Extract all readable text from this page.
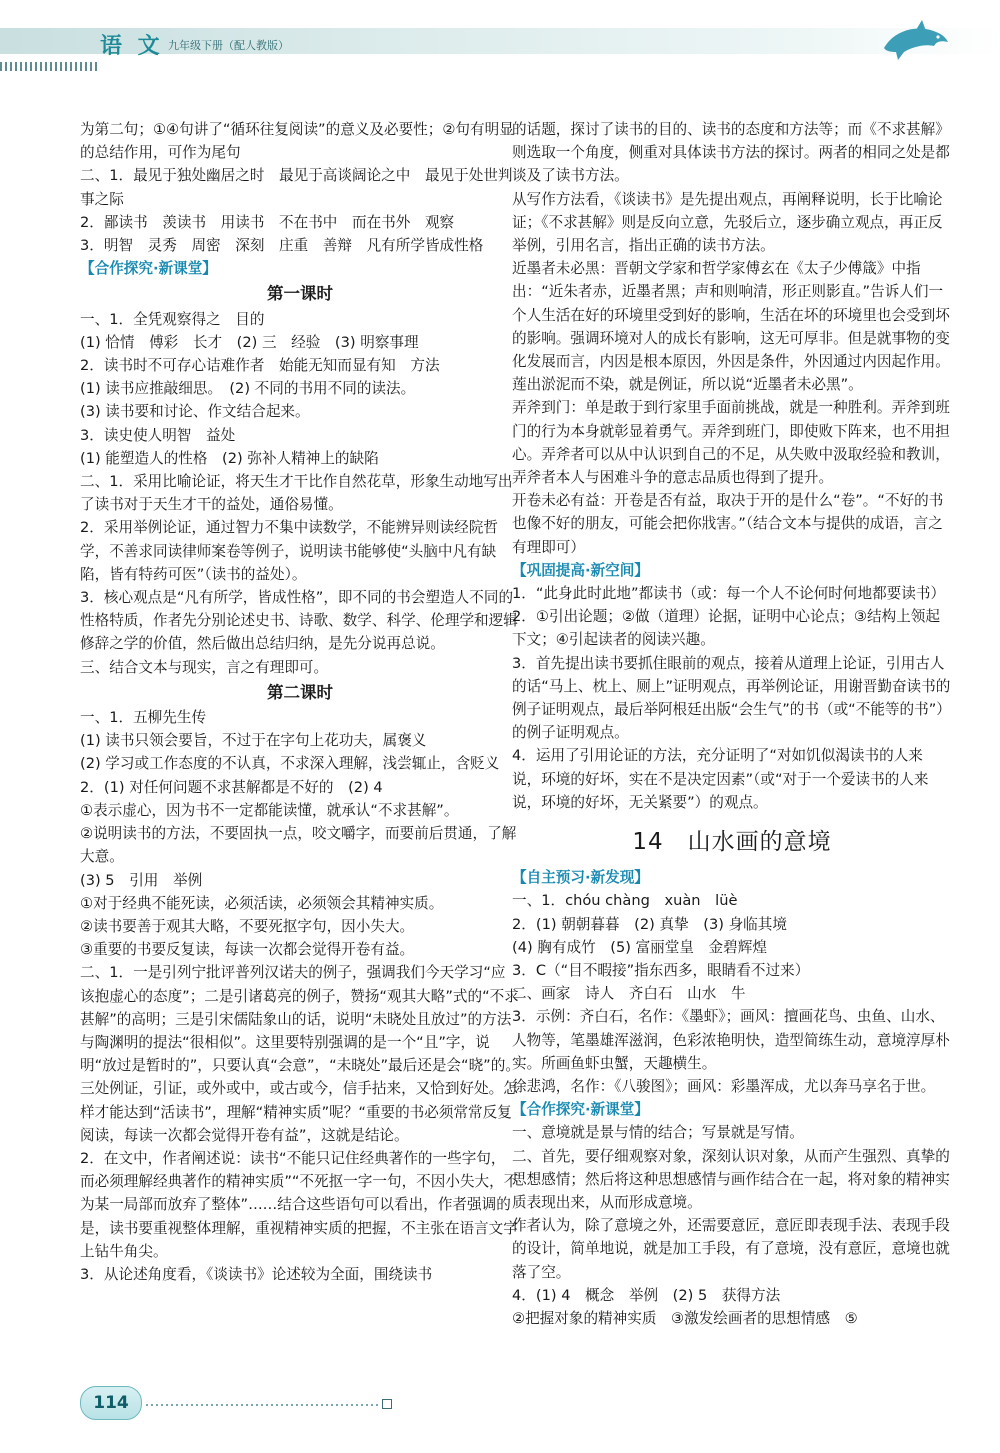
语 文 九年级下册（配人教版）

为第二句；①④句讲了“循环往复阅读”的意义及必要性；②句有明显的总结作用，可作为尾句

二、1．最见于独处幽居之时　最见于高谈阔论之中　最见于处世判事之际

2．鄙读书　羡读书　用读书　不在书中　而在书外　观察

3．明智　灵秀　周密　深刻　庄重　善辩　凡有所学皆成性格

【合作探究·新课堂】

第一课时

一、1．全凭观察得之　目的

(1) 恰情　傅彩　长才　(2) 三　经验　(3) 明察事理

2．读书时不可存心诘难作者　始能无知而显有知　方法

(1) 读书应推敲细思。　(2) 不同的书用不同的读法。

(3) 读书要和讨论、作文结合起来。

3．读史使人明智　益处

(1) 能塑造人的性格　(2) 弥补人精神上的缺陷

二、1．采用比喻论证，将天生才干比作自然花草，形象生动地写出了读书对于天生才干的益处，通俗易懂。

2．采用举例论证，通过智力不集中读数学，不能辨异则读经院哲学，不善求同读律师案卷等例子，说明读书能够使“头脑中凡有缺陷，皆有特药可医”（读书的益处）。

3．核心观点是“凡有所学，皆成性格”，即不同的书会塑造人不同的性格特质，作者先分别论述史书、诗歌、数学、科学、伦理学和逻辑修辞之学的价值，然后做出总结归纳，是先分说再总说。

三、结合文本与现实，言之有理即可。

第二课时

一、1．五柳先生传

(1) 读书只领会要旨，不过于在字句上花功夫，属褒义

(2) 学习或工作态度的不认真，不求深入理解，浅尝辄止，含贬义

2．(1) 对任何问题不求甚解都是不好的　(2) 4

①表示虚心，因为书不一定都能读懂，就承认“不求甚解”。

②说明读书的方法，不要固执一点，咬文嚼字，而要前后贯通，了解大意。

(3) 5　引用　举例

①对于经典不能死读，必须活读，必须领会其精神实质。

②读书要善于观其大略，不要死抠字句，因小失大。

③重要的书要反复读，每读一次都会觉得开卷有益。

二、1．一是引列宁批评普列汉诺夫的例子，强调我们今天学习“应该抱虚心的态度”；二是引诸葛亮的例子，赞扬“观其大略”式的“不求甚解”的高明；三是引宋儒陆象山的话，说明“未晓处且放过”的方法与陶渊明的提法“很相似”。这里要特别强调的是一个“且”字，说明“放过是暂时的”，只要认真“会意”，“未晓处”最后还是会“晓”的。

三处例证，引证，或外或中，或古或今，信手拈来，又恰到好处。怎样才能达到“活读书”，理解“精神实质”呢？“重要的书必须常常反复阅读，每读一次都会觉得开卷有益”，这就是结论。

2．在文中，作者阐述说：读书“不能只记住经典著作的一些字句，而必须理解经典著作的精神实质”“不死抠一字一句，不因小失大，不为某一局部而放弃了整体”……结合这些语句可以看出，作者强调的是，读书要重视整体理解，重视精神实质的把握，不主张在语言文字上钻牛角尖。

3．从论述角度看，《谈读书》论述较为全面，围绕读书

的话题，探讨了读书的目的、读书的态度和方法等；而《不求甚解》则选取一个角度，侧重对具体读书方法的探讨。两者的相同之处是都谈及了读书方法。

从写作方法看，《谈读书》是先提出观点，再阐释说明，长于比喻论证；《不求甚解》则是反向立意，先驳后立，逐步确立观点，再正反举例，引用名言，指出正确的读书方法。

近墨者未必黑：晋朝文学家和哲学家傅玄在《太子少傅箴》中指出：“近朱者赤，近墨者黑；声和则响清，形正则影直。”告诉人们一个人生活在好的环境里受到好的影响，生活在坏的环境里也会受到坏的影响。强调环境对人的成长有影响，这无可厚非。但是就事物的变化发展而言，内因是根本原因，外因是条件，外因通过内因起作用。莲出淤泥而不染，就是例证，所以说“近墨者未必黑”。

弄斧到门：单是敢于到行家里手面前挑战，就是一种胜利。弄斧到班门的行为本身就彰显着勇气。弄斧到班门，即使败下阵来，也不用担心。弄斧者可以从中认识到自己的不足，从失败中汲取经验和教训，弄斧者本人与困难斗争的意志品质也得到了提升。

开卷未必有益：开卷是否有益，取决于开的是什么“卷”。“不好的书也像不好的朋友，可能会把你戕害。”（结合文本与提供的成语，言之有理即可）

【巩固提高·新空间】

1．“此身此时此地”都读书（或：每一个人不论何时何地都要读书）

2．①引出论题；②做（道理）论据，证明中心论点；③结构上领起下文；④引起读者的阅读兴趣。

3．首先提出读书要抓住眼前的观点，接着从道理上论证，引用古人的话“马上、枕上、厕上”证明观点，再举例论证，用谢晋勤奋读书的例子证明观点，最后举阿根廷出版“会生气”的书（或“不能等的书”）的例子证明观点。

4．运用了引用论证的方法，充分证明了“对如饥似渴读书的人来说，环境的好坏，实在不是决定因素”（或“对于一个爱读书的人来说，环境的好坏，无关紧要”）的观点。

14　山水画的意境

【自主预习·新发现】

一、1．chóu chàng　xuàn　lüè

2．(1) 朝朝暮暮　(2) 真挚　(3) 身临其境

(4) 胸有成竹　(5) 富丽堂皇　金碧辉煌

3．C（“目不暇接”指东西多，眼睛看不过来）

二、画家　诗人　齐白石　山水　牛

3．示例：齐白石，名作：《墨虾》；画风：擅画花鸟、虫鱼、山水、人物等，笔墨雄浑滋润，色彩浓艳明快，造型简练生动，意境淳厚朴实。所画鱼虾虫蟹，天趣横生。

徐悲鸿，名作：《八骏图》；画风：彩墨浑成，尤以奔马享名于世。

【合作探究·新课堂】

一、意境就是景与情的结合；写景就是写情。

二、首先，要仔细观察对象，深刻认识对象，从而产生强烈、真挚的思想感情；然后将这种思想感情与画作结合在一起，将对象的精神实质表现出来，从而形成意境。

作者认为，除了意境之外，还需要意匠，意匠即表现手法、表现手段的设计，简单地说，就是加工手段，有了意境，没有意匠，意境也就落了空。

4．(1) 4　概念　举例　(2) 5　获得方法

②把握对象的精神实质　③激发绘画者的思想情感　⑤

114
